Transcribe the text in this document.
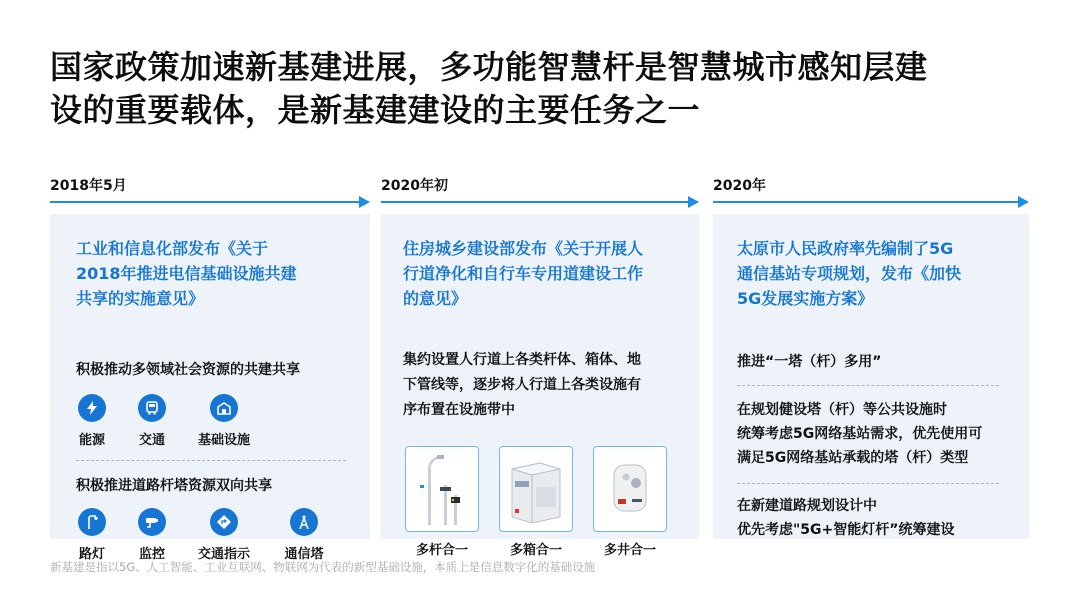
国家政策加速新基建进展，多功能智慧杆是智慧城市感知层建
设的重要载体，是新基建建设的主要任务之一
2018年5月
工业和信息化部发布《关于
2018年推进电信基础设施共建
共享的实施意见》
积极推动多领域社会资源的共建共享
能源	交通	基础设施
积极推进道路杆塔资源双向共享
路灯	监控	交通指示	通信塔
2020年初
住房城乡建设部发布《关于开展人
行道净化和自行车专用道建设工作
的意见》
集约设置人行道上各类杆体、箱体、地
下管线等，逐步将人行道上各类设施有
序布置在设施带中
多杆合一	多箱合一	多井合一
2020年
太原市人民政府率先编制了5G
通信基站专项规划，发布《加快
5G发展实施方案》
推进“一塔（杆）多用”
在规划健设塔（杆）等公共设施时
统筹考虑5G网络基站需求，优先使用可
满足5G网络基站承载的塔（杆）类型
在新建道路规划设计中
优先考虑"5G+智能灯杆”统筹建设
新基建是指以5G、人工智能、工业互联网、物联网为代表的新型基础设施，本质上是信息数字化的基础设施
